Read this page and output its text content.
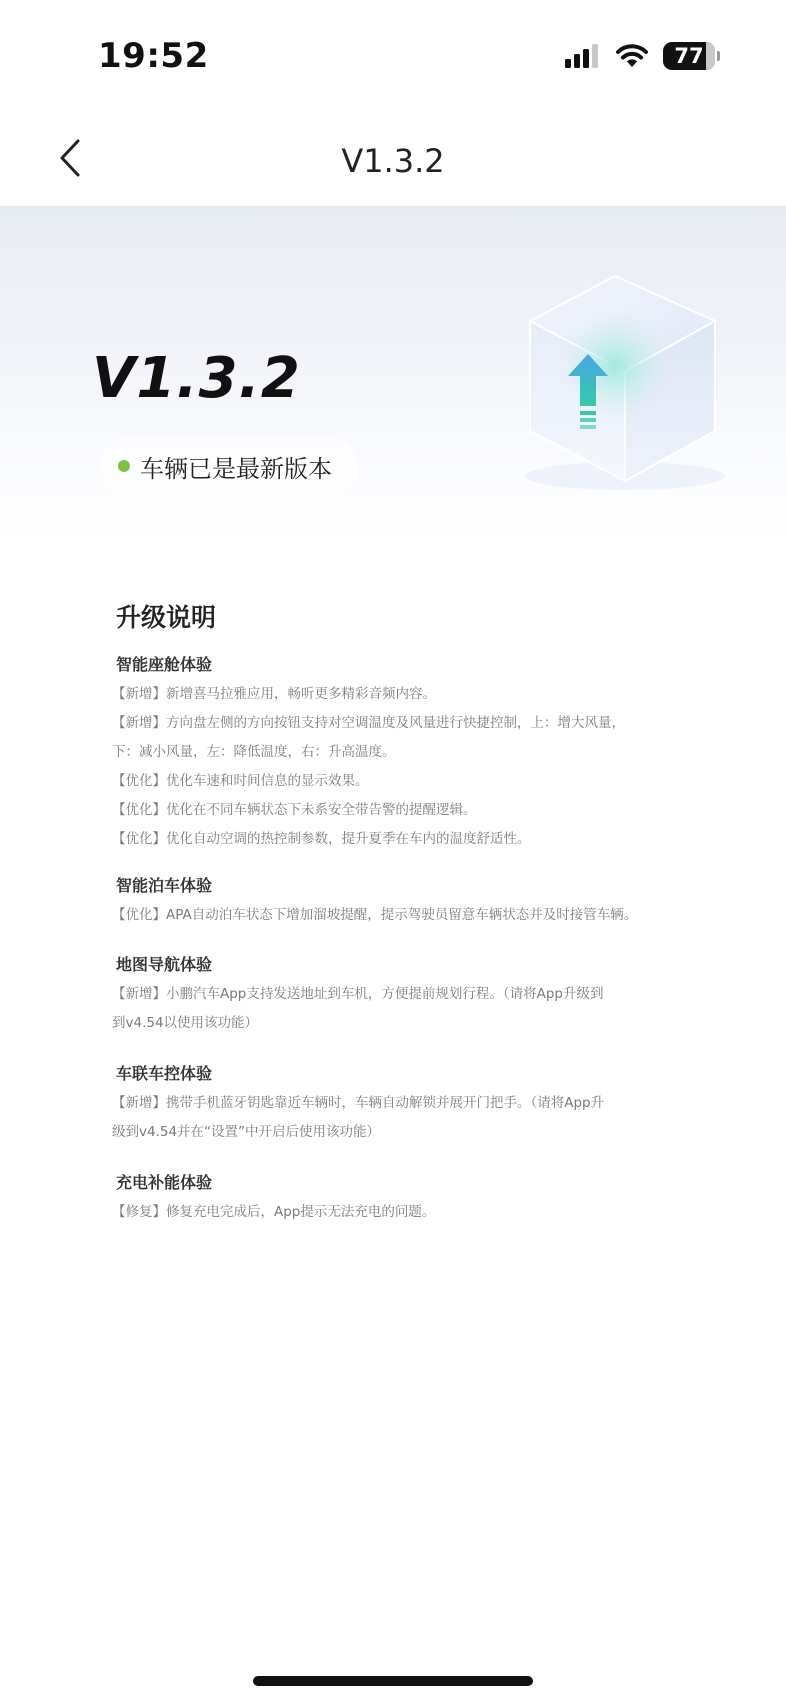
19:52	77
V1.3.2
V1.3.2
车辆已是最新版本
升级说明
智能座舱体验
【新增】新增喜马拉雅应用，畅听更多精彩音频内容。
【新增】方向盘左侧的方向按钮支持对空调温度及风量进行快捷控制，上：增大风量，
下：减小风量，左：降低温度，右：升高温度。
【优化】优化车速和时间信息的显示效果。
【优化】优化在不同车辆状态下未系安全带告警的提醒逻辑。
【优化】优化自动空调的热控制参数，提升夏季在车内的温度舒适性。
智能泊车体验
【优化】APA自动泊车状态下增加溜坡提醒，提示驾驶员留意车辆状态并及时接管车辆。
地图导航体验
【新增】小鹏汽车App支持发送地址到车机，方便提前规划行程。（请将App升级到
到v4.54以使用该功能）
车联车控体验
【新增】携带手机蓝牙钥匙靠近车辆时，车辆自动解锁并展开门把手。（请将App升
级到v4.54并在“设置”中开启后使用该功能）
充电补能体验
【修复】修复充电完成后，App提示无法充电的问题。
